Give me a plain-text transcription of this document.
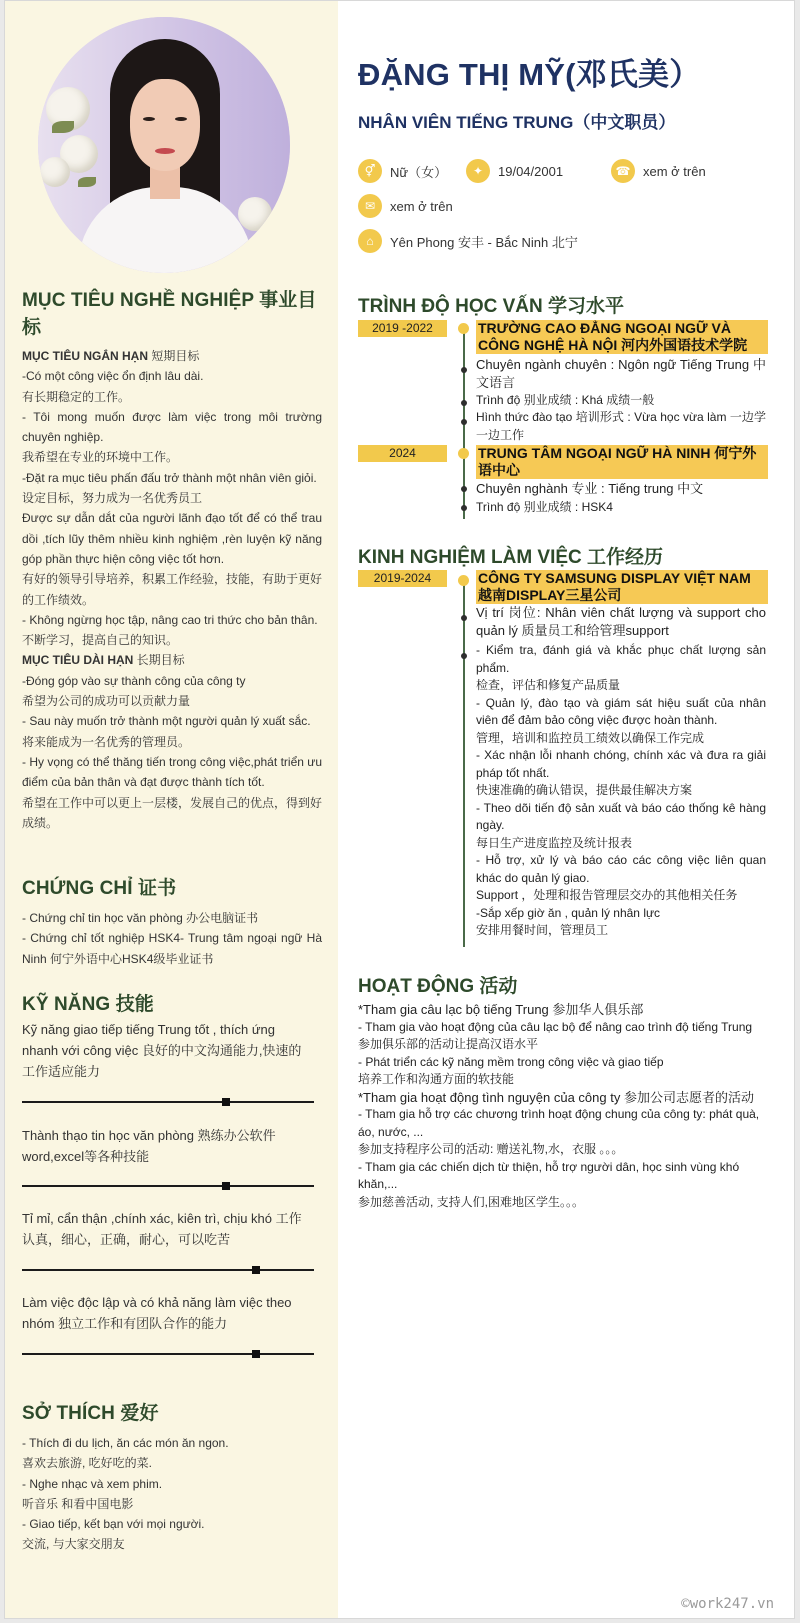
MỤC TIÊU NGHỀ NGHIỆP 事业目标
MỤC TIÊU NGẮN HẠN 短期目标
-Có một công việc ổn định lâu dài.
有长期稳定的工作。
- Tôi mong muốn được làm việc trong môi trường chuyên nghiệp.
我希望在专业的环境中工作。
-Đặt ra mục tiêu phấn đấu trở thành một nhân viên giỏi.
设定目标，努力成为一名优秀员工
Được sự dẫn dắt của người lãnh đạo tốt để có thể trau dồi ,tích lũy thêm nhiều kinh nghiệm ,rèn luyện kỹ năng góp phần thực hiện công việc tốt hơn.
有好的领导引导培养，积累工作经验，技能，有助于更好的工作绩效。
- Không ngừng học tập, nâng cao tri thức cho bản thân.
不断学习，提高自己的知识。
MỤC TIÊU DÀI HẠN 长期目标
-Đóng góp vào sự thành công của công ty
希望为公司的成功可以贡献力量
- Sau này muốn trở thành một người quản lý xuất sắc.
将来能成为一名优秀的管理员。
- Hy vọng có thể thăng tiến trong công việc,phát triển ưu điểm của bản thân và đạt được thành tích tốt.
希望在工作中可以更上一层楼，发展自己的优点，得到好成绩。
CHỨNG CHỈ 证书
- Chứng chỉ tin học văn phòng 办公电脑证书
- Chứng chỉ tốt nghiệp HSK4- Trung tâm ngoại ngữ Hà Ninh 何宁外语中心HSK4级毕业证书
KỸ NĂNG 技能
Kỹ năng giao tiếp tiếng Trung tốt , thích ứng nhanh với công việc 良好的中文沟通能力,快速的工作适应能力
Thành thạo tin học văn phòng 熟练办公软件word,excel等各种技能
Tỉ mỉ, cẩn thận ,chính xác, kiên trì, chịu khó 工作认真，细心，正确，耐心，可以吃苦
Làm việc độc lập và có khả năng làm việc theo nhóm 独立工作和有团队合作的能力
SỞ THÍCH 爱好
- Thích đi du lịch, ăn các món ăn ngon.
喜欢去旅游, 吃好吃的菜.
- Nghe nhạc và xem phim.
听音乐 和看中国电影
- Giao tiếp, kết bạn với mọi người.
交流, 与大家交朋友
ĐẶNG THỊ MỸ(邓氏美）
NHÂN VIÊN TIẾNG TRUNG（中文职员）
⚥	Nữ（女）	✦	19/04/2001	☎ xem ở trên
✉	xem ở trên
⌂	Yên Phong 安丰 - Bắc Ninh 北宁
TRÌNH ĐỘ HỌC VẤN 学习水平
2019 -2022	TRƯỜNG CAO ĐẲNG NGOẠI NGỮ VÀ CÔNG NGHỆ HÀ NỘI 河内外国语技术学院
Chuyên ngành chuyên : Ngôn ngữ Tiếng Trung 中文语言
Trình độ 别业成绩 : Khá 成绩一般
Hình thức đào tạo 培训形式 : Vừa học vừa làm 一边学一边工作
2024	TRUNG TÂM NGOẠI NGỮ HÀ NINH 何宁外语中心
Chuyên nghành 专业 : Tiếng trung 中文
Trình độ 别业成绩 : HSK4
KINH NGHIỆM LÀM VIỆC 工作经历
2019-2024	CÔNG TY SAMSUNG DISPLAY VIỆT NAM 越南DISPLAY三星公司
Vị trí 岗位: Nhân viên chất lượng và support cho quản lý 质量员工和给管理support
- Kiểm tra, đánh giá và khắc phục chất lượng sản phẩm.
检查，评估和修复产品质量
- Quản lý, đào tạo và giám sát hiệu suất của nhân viên để đảm bảo công việc được hoàn thành.
管理，培训和监控员工绩效以确保工作完成
- Xác nhận lỗi nhanh chóng, chính xác và đưa ra giải pháp tốt nhất.
快速准确的确认错误，提供最佳解决方案
- Theo dõi tiến độ sản xuất và báo cáo thống kê hàng ngày.
每日生产进度监控及统计报表
- Hỗ trợ, xử lý và báo cáo các công việc liên quan khác do quản lý giao.
Support ，处理和报告管理层交办的其他相关任务
-Sắp xếp giờ ăn , quản lý nhân lực
安排用餐时间，管理员工
HOẠT ĐỘNG 活动
*Tham gia câu lạc bộ tiếng Trung 参加华人俱乐部
- Tham gia vào hoạt động của câu lạc bộ để nâng cao trình độ tiếng Trung
参加俱乐部的活动让提高汉语水平
- Phát triển các kỹ năng mềm trong công việc và giao tiếp
培养工作和沟通方面的软技能
*Tham gia hoạt động tình nguyện của công ty 参加公司志愿者的活动
- Tham gia hỗ trợ các chương trình hoạt động chung của công ty: phát quà, áo, nước, ...
参加支持程序公司的活动: 赠送礼物,水，衣服 。。。
- Tham gia các chiến dịch từ thiện, hỗ trợ người dân, học sinh vùng khó khăn,...
参加慈善活动, 支持人们,困难地区学生。。。
©work247.vn
